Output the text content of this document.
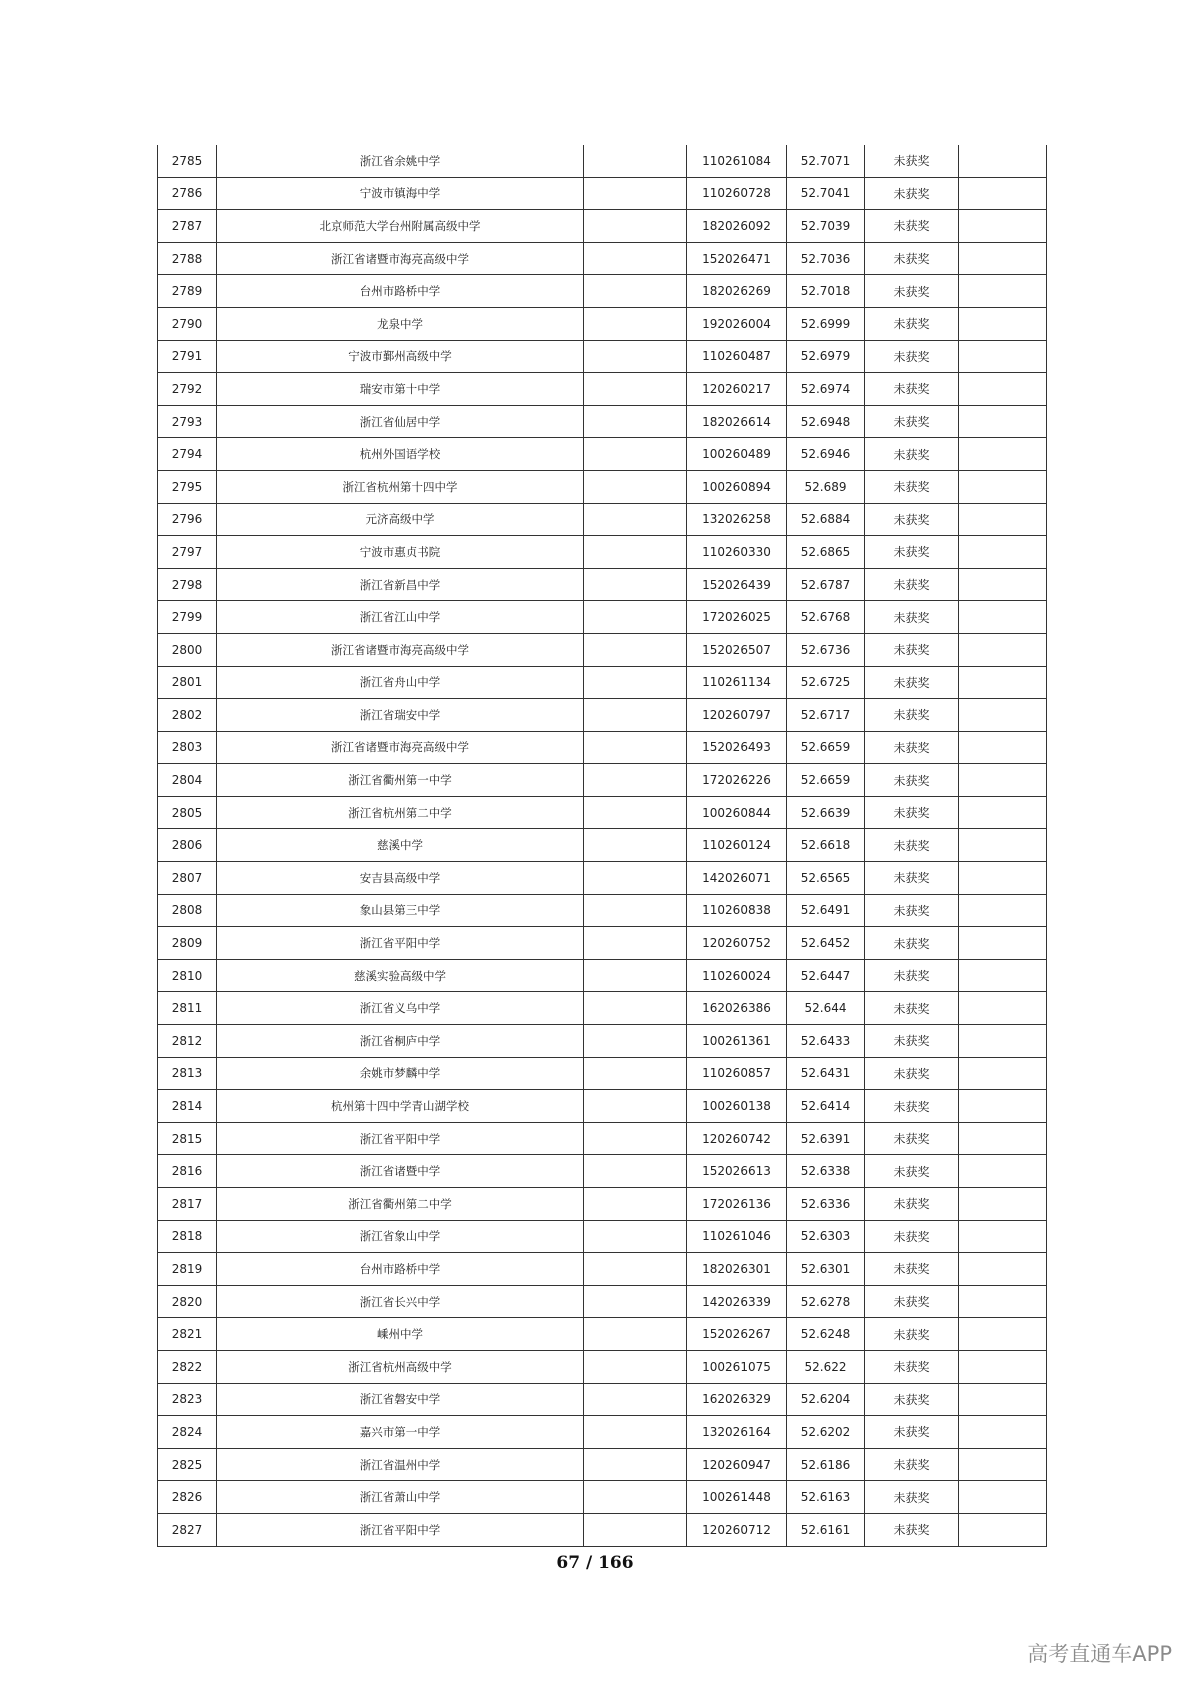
2785	浙江省余姚中学		110261084	52.7071	未获奖	
2786	宁波市镇海中学		110260728	52.7041	未获奖	
2787	北京师范大学台州附属高级中学		182026092	52.7039	未获奖	
2788	浙江省诸暨市海亮高级中学		152026471	52.7036	未获奖	
2789	台州市路桥中学		182026269	52.7018	未获奖	
2790	龙泉中学		192026004	52.6999	未获奖	
2791	宁波市鄞州高级中学		110260487	52.6979	未获奖	
2792	瑞安市第十中学		120260217	52.6974	未获奖	
2793	浙江省仙居中学		182026614	52.6948	未获奖	
2794	杭州外国语学校		100260489	52.6946	未获奖	
2795	浙江省杭州第十四中学		100260894	52.689	未获奖	
2796	元济高级中学		132026258	52.6884	未获奖	
2797	宁波市惠贞书院		110260330	52.6865	未获奖	
2798	浙江省新昌中学		152026439	52.6787	未获奖	
2799	浙江省江山中学		172026025	52.6768	未获奖	
2800	浙江省诸暨市海亮高级中学		152026507	52.6736	未获奖	
2801	浙江省舟山中学		110261134	52.6725	未获奖	
2802	浙江省瑞安中学		120260797	52.6717	未获奖	
2803	浙江省诸暨市海亮高级中学		152026493	52.6659	未获奖	
2804	浙江省衢州第一中学		172026226	52.6659	未获奖	
2805	浙江省杭州第二中学		100260844	52.6639	未获奖	
2806	慈溪中学		110260124	52.6618	未获奖	
2807	安吉县高级中学		142026071	52.6565	未获奖	
2808	象山县第三中学		110260838	52.6491	未获奖	
2809	浙江省平阳中学		120260752	52.6452	未获奖	
2810	慈溪实验高级中学		110260024	52.6447	未获奖	
2811	浙江省义乌中学		162026386	52.644	未获奖	
2812	浙江省桐庐中学		100261361	52.6433	未获奖	
2813	余姚市梦麟中学		110260857	52.6431	未获奖	
2814	杭州第十四中学青山湖学校		100260138	52.6414	未获奖	
2815	浙江省平阳中学		120260742	52.6391	未获奖	
2816	浙江省诸暨中学		152026613	52.6338	未获奖	
2817	浙江省衢州第二中学		172026136	52.6336	未获奖	
2818	浙江省象山中学		110261046	52.6303	未获奖	
2819	台州市路桥中学		182026301	52.6301	未获奖	
2820	浙江省长兴中学		142026339	52.6278	未获奖	
2821	嵊州中学		152026267	52.6248	未获奖	
2822	浙江省杭州高级中学		100261075	52.622	未获奖	
2823	浙江省磐安中学		162026329	52.6204	未获奖	
2824	嘉兴市第一中学		132026164	52.6202	未获奖	
2825	浙江省温州中学		120260947	52.6186	未获奖	
2826	浙江省萧山中学		100261448	52.6163	未获奖	
2827	浙江省平阳中学		120260712	52.6161	未获奖	
67 / 166
高考直通车APP
